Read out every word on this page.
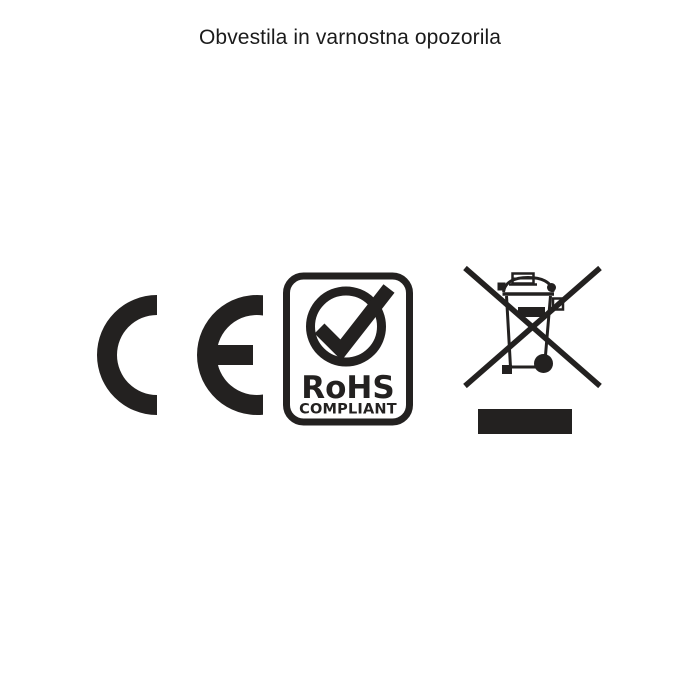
Obvestila in varnostna opozorila
RoHS
COMPLIANT
